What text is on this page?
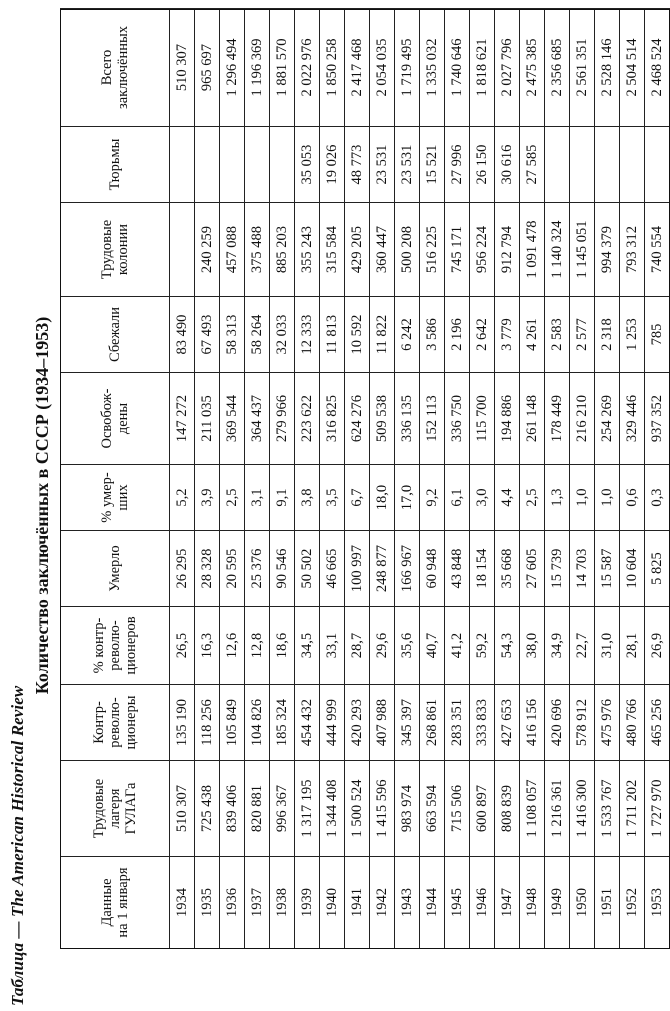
Таблица — The American Historical Review
Количество заключённых в СССР (1934–1953)
Данные
на 1 января	Трудовые
лагеря
ГУЛАГа	Контр-
револю-
ционеры	% контр-
револю-
ционеров	Умерло	% умер-
ших	Освобож-
дены	Сбежали	Трудовые
колонии	Тюрьмы	Всего
заключённых
1934	510 307	135 190	26,5	26 295	5,2	147 272	83 490			510 307
1935	725 438	118 256	16,3	28 328	3,9	211 035	67 493	240 259		965 697
1936	839 406	105 849	12,6	20 595	2,5	369 544	58 313	457 088		1 296 494
1937	820 881	104 826	12,8	25 376	3,1	364 437	58 264	375 488		1 196 369
1938	996 367	185 324	18,6	90 546	9,1	279 966	32 033	885 203		1 881 570
1939	1 317 195	454 432	34,5	50 502	3,8	223 622	12 333	355 243	35 053	2 022 976
1940	1 344 408	444 999	33,1	46 665	3,5	316 825	11 813	315 584	19 026	1 850 258
1941	1 500 524	420 293	28,7	100 997	6,7	624 276	10 592	429 205	48 773	2 417 468
1942	1 415 596	407 988	29,6	248 877	18,0	509 538	11 822	360 447	23 531	2 054 035
1943	983 974	345 397	35,6	166 967	17,0	336 135	6 242	500 208	23 531	1 719 495
1944	663 594	268 861	40,7	60 948	9,2	152 113	3 586	516 225	15 521	1 335 032
1945	715 506	283 351	41,2	43 848	6,1	336 750	2 196	745 171	27 996	1 740 646
1946	600 897	333 833	59,2	18 154	3,0	115 700	2 642	956 224	26 150	1 818 621
1947	808 839	427 653	54,3	35 668	4,4	194 886	3 779	912 794	30 616	2 027 796
1948	1 108 057	416 156	38,0	27 605	2,5	261 148	4 261	1 091 478	27 585	2 475 385
1949	1 216 361	420 696	34,9	15 739	1,3	178 449	2 583	1 140 324		2 356 685
1950	1 416 300	578 912	22,7	14 703	1,0	216 210	2 577	1 145 051		2 561 351
1951	1 533 767	475 976	31,0	15 587	1,0	254 269	2 318	994 379		2 528 146
1952	1 711 202	480 766	28,1	10 604	0,6	329 446	1 253	793 312		2 504 514
1953	1 727 970	465 256	26,9	5 825	0,3	937 352	785	740 554		2 468 524
